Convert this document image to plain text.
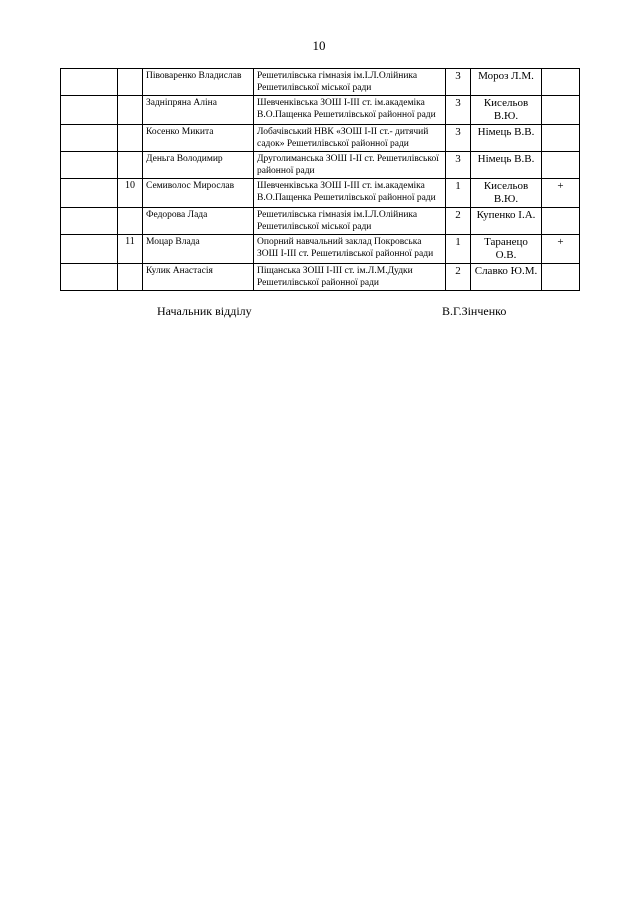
10
		Півоваренко Владислав	Решетилівська гімназія ім.І.Л.Олійника Решетилівської міської ради	3	Мороз Л.М.	
		Задніпряна Аліна	Шевченківська ЗОШ І-ІІІ ст. ім.академіка В.О.Пащенка Решетилівської районної ради	3	Кисельов В.Ю.	
		Косенко Микита	Лобачівський НВК «ЗОШ І-ІІ ст.- дитячий садок» Решетилівської районної ради	3	Німець В.В.	
		Деньга Володимир	Друголиманська ЗОШ І-ІІ ст. Решетилівської районної ради	3	Німець В.В.	
	10	Семиволос Мирослав	Шевченківська ЗОШ І-ІІІ ст. ім.академіка В.О.Пащенка Решетилівської районної ради	1	Кисельов В.Ю.	+
		Федорова Лада	Решетилівська гімназія ім.І.Л.Олійника Решетилівської міської ради	2	Купенко І.А.	
	11	Моцар Влада	Опорний навчальний заклад Покровська ЗОШ І-ІІІ ст. Решетилівської районної ради	1	Таранецо О.В.	+
		Кулик Анастасія	Піщанська ЗОШ І-ІІІ ст. ім.Л.М.Дудки Решетилівської районної ради	2	Славко Ю.М.	
Начальник відділу	В.Г.Зінченко
